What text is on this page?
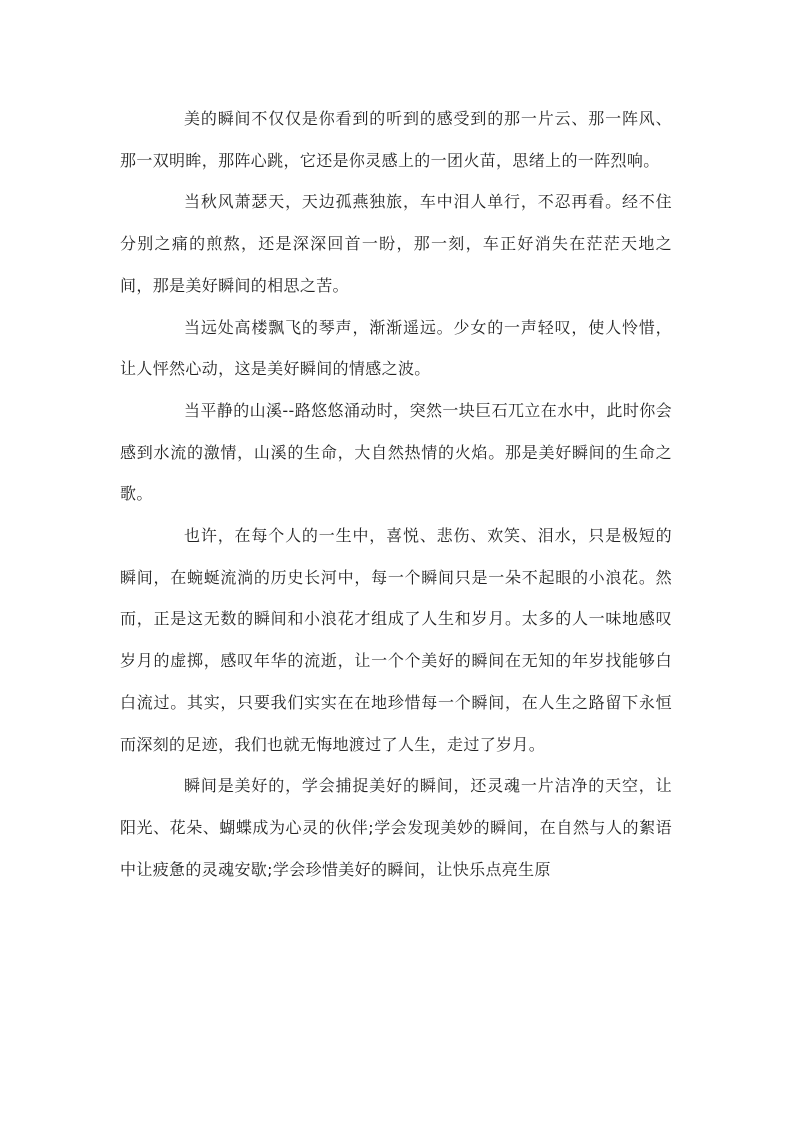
美的瞬间不仅仅是你看到的听到的感受到的那一片云、那一阵风、那一双明眸，那阵心跳，它还是你灵感上的一团火苗，思绪上的一阵烈响。

当秋风萧瑟天，天边孤燕独旅，车中泪人单行，不忍再看。经不住分别之痛的煎熬，还是深深回首一盼，那一刻，车正好消失在茫茫天地之间，那是美好瞬间的相思之苦。

当远处高楼飘飞的琴声，渐渐遥远。少女的一声轻叹，使人怜惜，让人怦然心动，这是美好瞬间的情感之波。

当平静的山溪--路悠悠涌动时，突然一块巨石兀立在水中，此时你会感到水流的激情，山溪的生命，大自然热情的火焰。那是美好瞬间的生命之歌。

也许，在每个人的一生中，喜悦、悲伤、欢笑、泪水，只是极短的瞬间，在蜿蜒流淌的历史长河中，每一个瞬间只是一朵不起眼的小浪花。然而，正是这无数的瞬间和小浪花才组成了人生和岁月。太多的人一味地感叹岁月的虚掷，感叹年华的流逝，让一个个美好的瞬间在无知的年岁找能够白白流过。其实，只要我们实实在在地珍惜每一个瞬间，在人生之路留下永恒而深刻的足迹，我们也就无悔地渡过了人生，走过了岁月。

瞬间是美好的，学会捕捉美好的瞬间，还灵魂一片洁净的天空，让阳光、花朵、蝴蝶成为心灵的伙伴;学会发现美妙的瞬间，在自然与人的絮语中让疲惫的灵魂安歇;学会珍惜美好的瞬间，让快乐点亮生原
